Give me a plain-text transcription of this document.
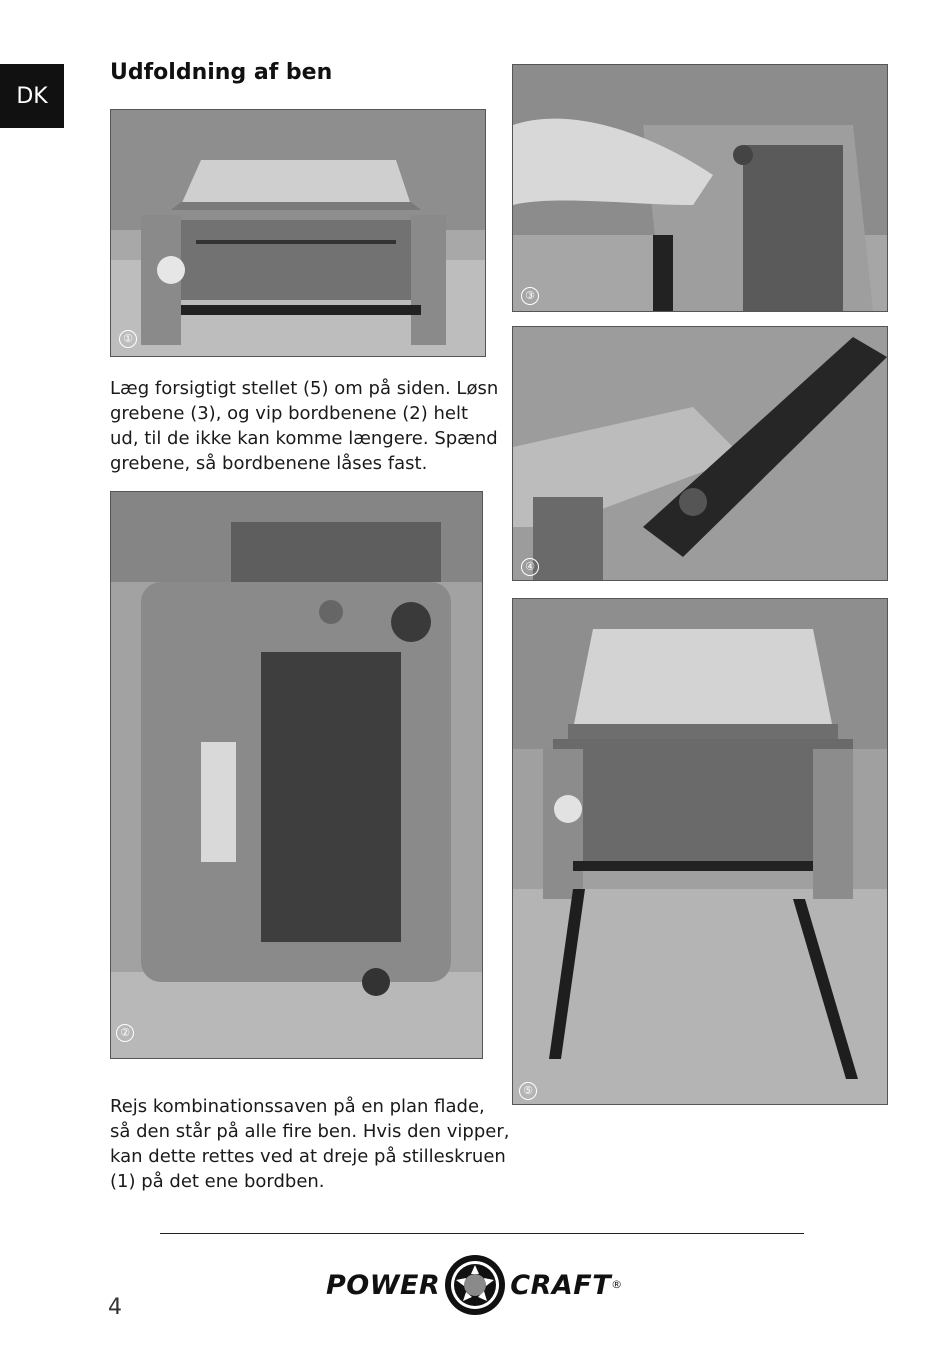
DK
Udfoldning af ben
①
③
④
②
⑤

Læg forsigtigt stellet (5) om på siden. Løsn
grebene (3), og vip bordbenene (2) helt
ud, til de ikke kan komme længere. Spænd
grebene, så bordbenene låses fast.

Rejs kombinationssaven på en plan flade,
så den står på alle fire ben. Hvis den vipper,
kan dette rettes ved at dreje på stilleskruen
(1) på det ene bordben.

POWER	CRAFT ®
4
